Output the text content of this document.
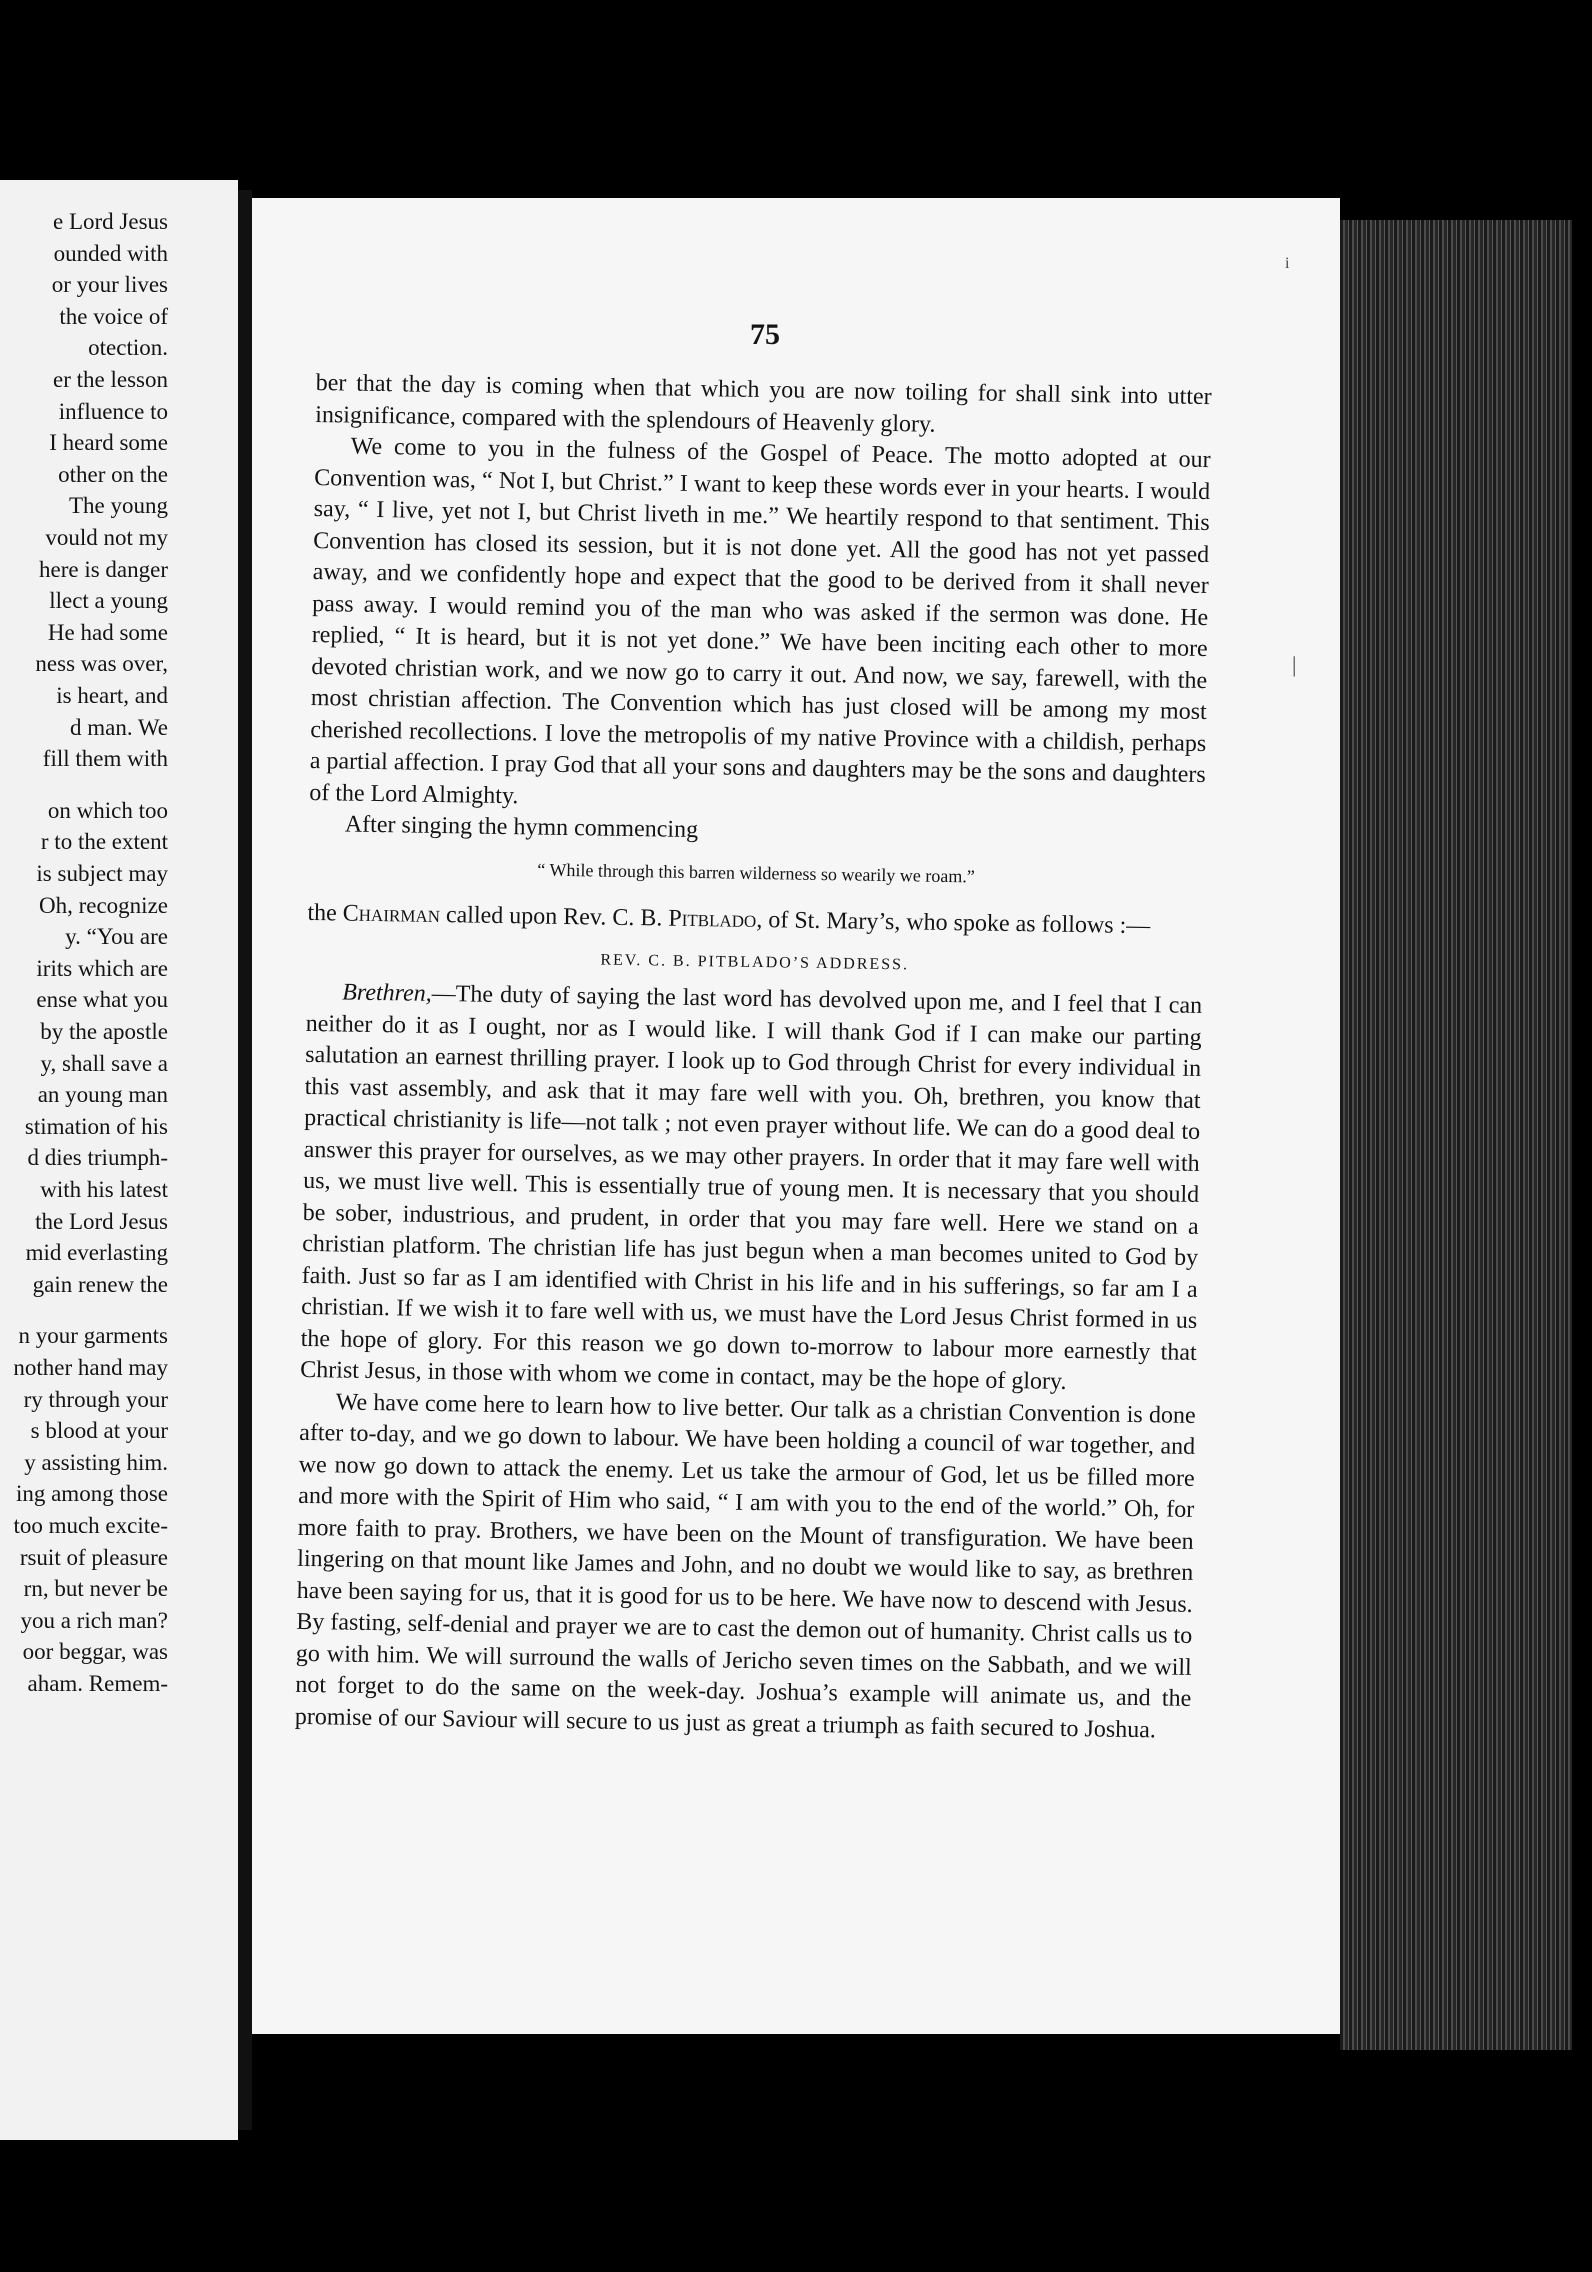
e Lord Jesus
ounded with
or your lives
the voice of
otection.
er the lesson
influence to
I heard some
other on the
The young
vould not my
here is danger
llect a young
He had some
ness was over,
is heart, and
d man. We
fill them with
on which too
r to the extent
is subject may
Oh, recognize
y. “You are
irits which are
ense what you
by the apostle
y, shall save a
an young man
stimation of his
d dies triumph-
with his latest
the Lord Jesus
mid everlasting
gain renew the
n your garments
nother hand may
ry through your
s blood at your
y assisting him.
ing among those
too much excite-
rsuit of pleasure
rn, but never be
you a rich man?
oor beggar, was
aham. Remem-
75

ber that the day is coming when that which you are now toiling for shall sink into utter insignificance, compared with the splendours of Heavenly glory.

We come to you in the fulness of the Gospel of Peace. The motto adopted at our Convention was, “ Not I, but Christ.” I want to keep these words ever in your hearts. I would say, “ I live, yet not I, but Christ liveth in me.” We heartily respond to that sentiment. This Convention has closed its session, but it is not done yet. All the good has not yet passed away, and we confidently hope and expect that the good to be derived from it shall never pass away. I would remind you of the man who was asked if the sermon was done. He replied, “ It is heard, but it is not yet done.” We have been inciting each other to more devoted christian work, and we now go to carry it out. And now, we say, farewell, with the most christian affection. The Convention which has just closed will be among my most cherished recollections. I love the metropolis of my native Province with a childish, perhaps a partial affection. I pray God that all your sons and daughters may be the sons and daughters of the Lord Almighty.

After singing the hymn commencing

“ While through this barren wilderness so wearily we roam.”

the Chairman called upon Rev. C. B. Pitblado, of St. Mary’s, who spoke as follows :—

REV. C. B. PITBLADO’S ADDRESS.

Brethren,—The duty of saying the last word has devolved upon me, and I feel that I can neither do it as I ought, nor as I would like. I will thank God if I can make our parting salutation an earnest thrilling prayer. I look up to God through Christ for every individual in this vast assembly, and ask that it may fare well with you. Oh, brethren, you know that practical christianity is life—not talk ; not even prayer without life. We can do a good deal to answer this prayer for ourselves, as we may other prayers. In order that it may fare well with us, we must live well. This is essentially true of young men. It is necessary that you should be sober, industrious, and prudent, in order that you may fare well. Here we stand on a christian platform. The christian life has just begun when a man becomes united to God by faith. Just so far as I am identified with Christ in his life and in his sufferings, so far am I a christian. If we wish it to fare well with us, we must have the Lord Jesus Christ formed in us the hope of glory. For this reason we go down to-morrow to labour more earnestly that Christ Jesus, in those with whom we come in contact, may be the hope of glory.

We have come here to learn how to live better. Our talk as a christian Convention is done after to-day, and we go down to labour. We have been holding a council of war together, and we now go down to attack the enemy. Let us take the armour of God, let us be filled more and more with the Spirit of Him who said, “ I am with you to the end of the world.” Oh, for more faith to pray. Brothers, we have been on the Mount of transfiguration. We have been lingering on that mount like James and John, and no doubt we would like to say, as brethren have been saying for us, that it is good for us to be here. We have now to descend with Jesus. By fasting, self-denial and prayer we are to cast the demon out of humanity. Christ calls us to go with him. We will surround the walls of Jericho seven times on the Sabbath, and we will not forget to do the same on the week-day. Joshua’s example will animate us, and the promise of our Saviour will secure to us just as great a triumph as faith secured to Joshua.

|
i
